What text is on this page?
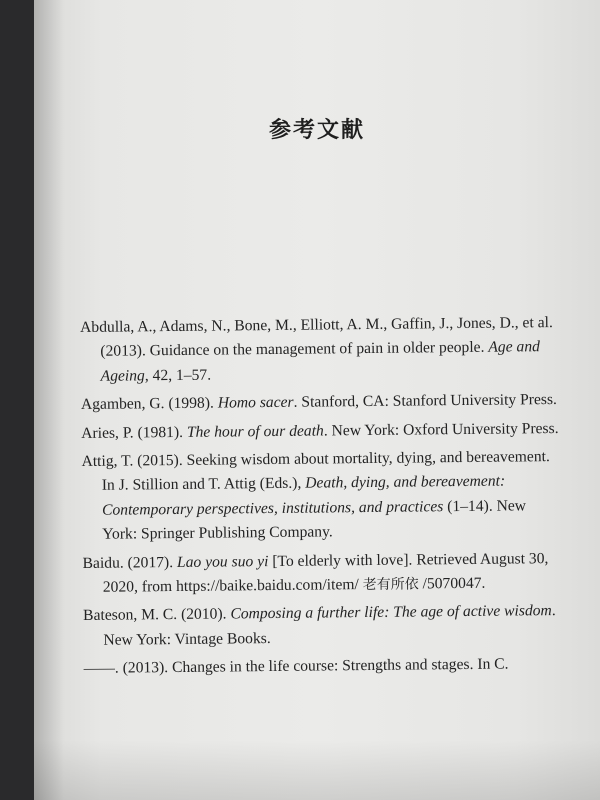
参考文献

Abdulla, A., Adams, N., Bone, M., Elliott, A. M., Gaffin, J., Jones, D., et al. (2013). Guidance on the management of pain in older people. Age and Ageing, 42, 1–57.

Agamben, G. (1998). Homo sacer. Stanford, CA: Stanford University Press.

Aries, P. (1981). The hour of our death. New York: Oxford University Press.

Attig, T. (2015). Seeking wisdom about mortality, dying, and bereavement. In J. Stillion and T. Attig (Eds.), Death, dying, and bereavement: Contemporary perspectives, institutions, and practices (1–14). New York: Springer Publishing Company.

Baidu. (2017). Lao you suo yi [To elderly with love]. Retrieved August 30, 2020, from https://baike.baidu.com/item/ 老有所依 /5070047.

Bateson, M. C. (2010). Composing a further life: The age of active wisdom. New York: Vintage Books.

——. (2013). Changes in the life course: Strengths and stages. In C.
